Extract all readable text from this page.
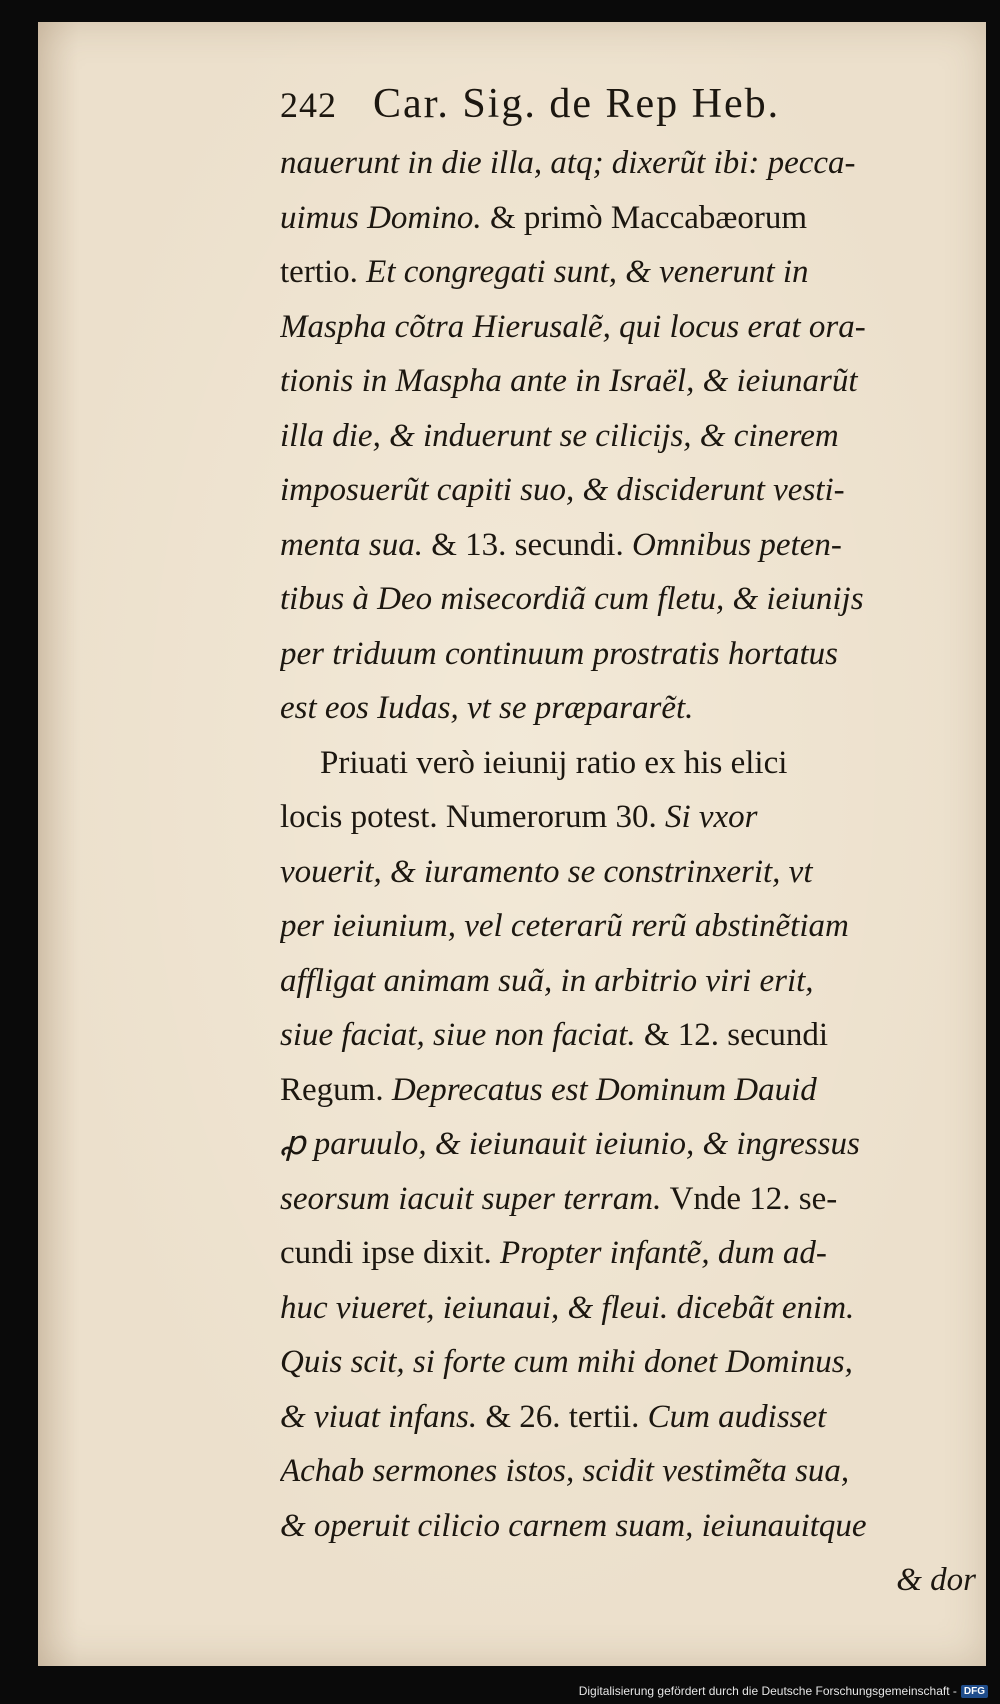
242 Car. Sig. de Rep Heb.
nauerunt in die illa, atq; dixerũt ibi: pecca-
uimus Domino. & primò Maccabæorum
tertio. Et congregati sunt, & venerunt in
Maspha cõtra Hierusalẽ, qui locus erat ora-
tionis in Maspha ante in Israël, & ieiunarũt
illa die, & induerunt se cilicijs, & cinerem
imposuerũt capiti suo, & disciderunt vesti-
menta sua. & 13. secundi. Omnibus peten-
tibus à Deo misecordiã cum fletu, & ieiunijs
per triduum continuum prostratis hortatus
est eos Iudas, vt se præpararẽt.
Priuati verò ieiunij ratio ex his elici
locis potest. Numerorum 30. Si vxor
vouerit, & iuramento se constrinxerit, vt
per ieiunium, vel ceterarũ rerũ abstinẽtiam
affligat animam suã, in arbitrio viri erit,
siue faciat, siue non faciat. & 12. secundi
Regum. Deprecatus est Dominum Dauid
ꝓ paruulo, & ieiunauit ieiunio, & ingressus
seorsum iacuit super terram. Vnde 12. se-
cundi ipse dixit. Propter infantẽ, dum ad-
huc viueret, ieiunaui, & fleui. dicebãt enim.
Quis scit, si forte cum mihi donet Dominus,
& viuat infans. & 26. tertii. Cum audisset
Achab sermones istos, scidit vestimẽta sua,
& operuit cilicio carnem suam, ieiunauitque
& dor
Digitalisierung gefördert durch die Deutsche Forschungsgemeinschaft - DFG
